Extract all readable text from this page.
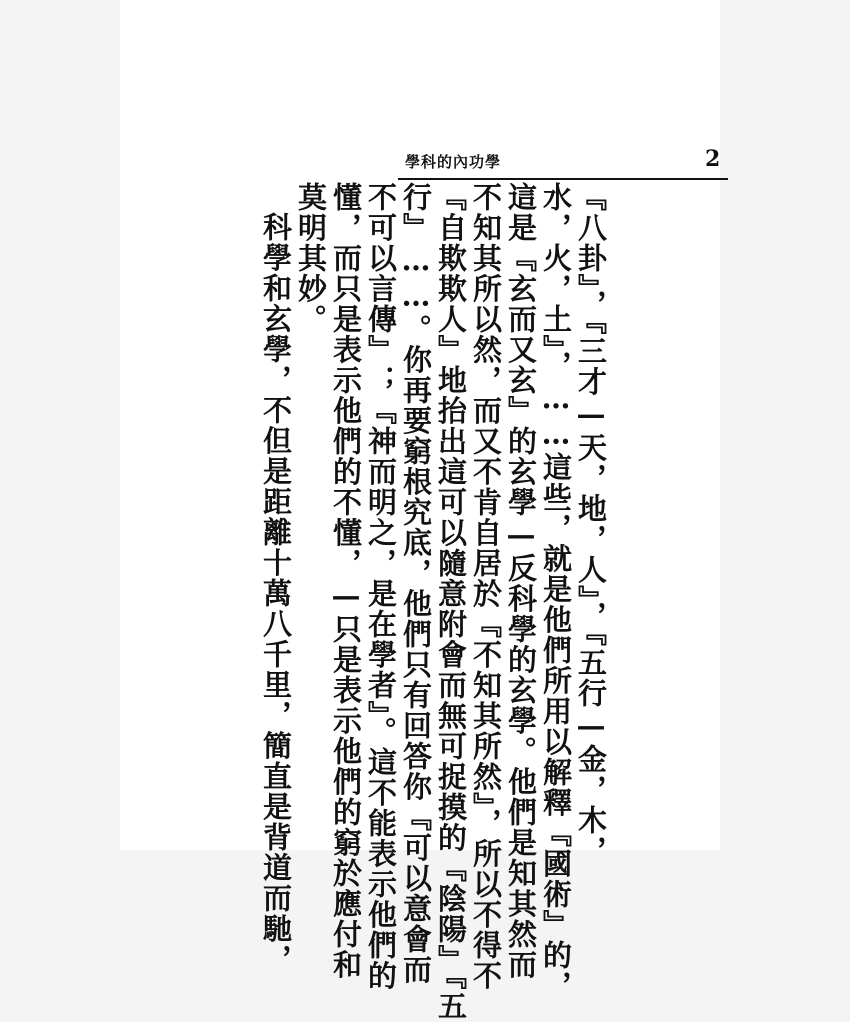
2
學科的內功學
『八卦』，『三才—天，地，人』，『五行—金，木，
水，火，土』，……這些，就是他們所用以解釋『國術』的，
這是『玄而又玄』的玄學—反科學的玄學。他們是知其然而
不知其所以然，而又不肯自居於『不知其所然』，所以不得不
『自欺欺人』地抬出這可以隨意附會而無可捉摸的『陰陽』『五
行』……。你再要窮根究底，他們只有回答你『可以意會而
不可以言傳』；『神而明之，是在學者』。這不能表示他們的
懂，而只是表示他們的不懂，—只是表示他們的窮於應付和
莫明其妙。
科學和玄學，不但是距離十萬八千里，簡直是背道而馳，
